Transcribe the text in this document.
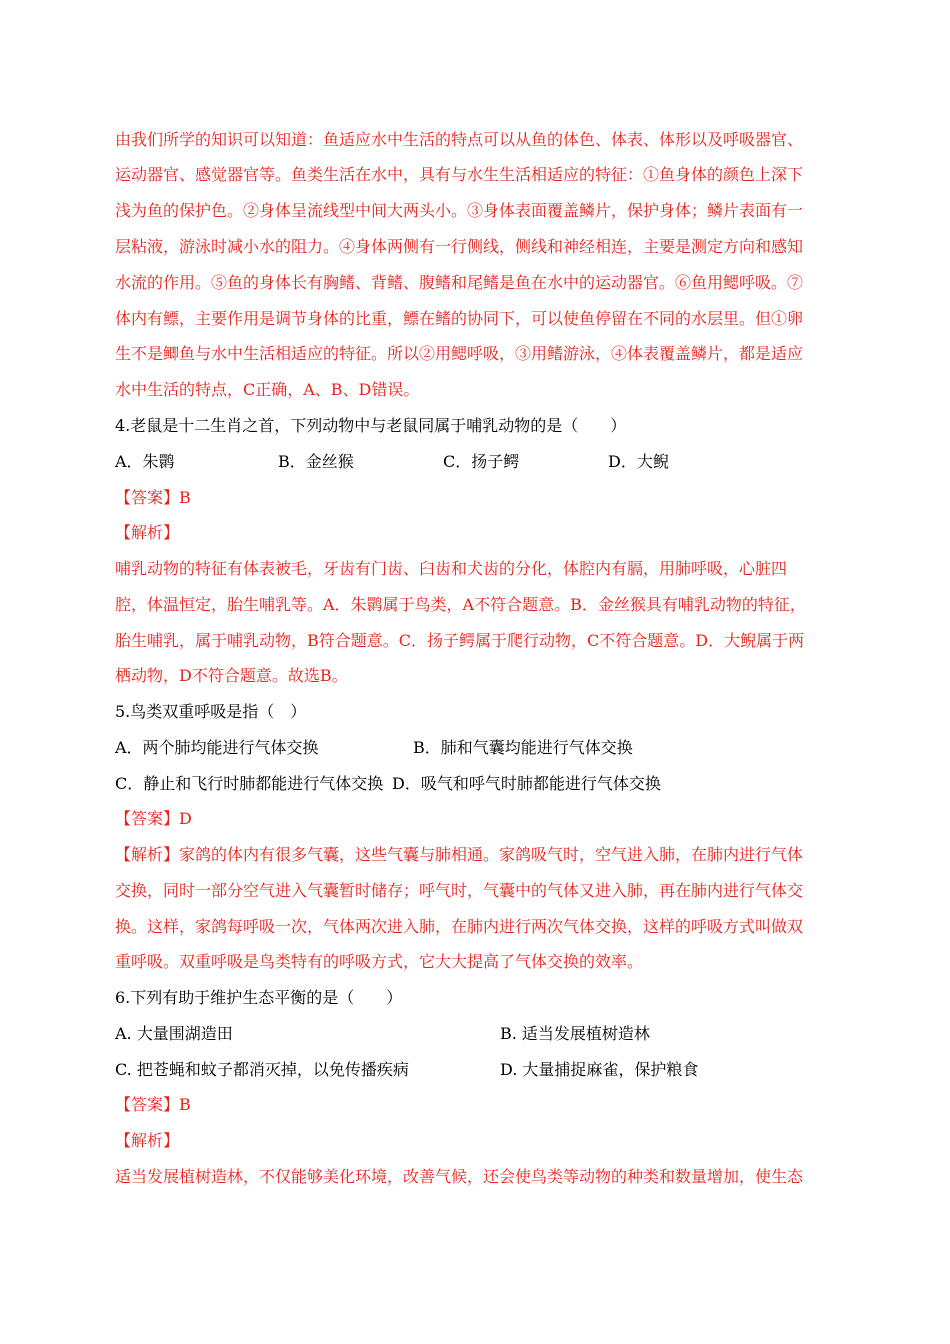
由我们所学的知识可以知道：鱼适应水中生活的特点可以从鱼的体色、体表、体形以及呼吸器官、
运动器官、感觉器官等。鱼类生活在水中，具有与水生生活相适应的特征：①鱼身体的颜色上深下
浅为鱼的保护色。②身体呈流线型中间大两头小。③身体表面覆盖鳞片，保护身体；鳞片表面有一
层粘液，游泳时减小水的阻力。④身体两侧有一行侧线，侧线和神经相连，主要是测定方向和感知
水流的作用。⑤鱼的身体长有胸鳍、背鳍、腹鳍和尾鳍是鱼在水中的运动器官。⑥鱼用鳃呼吸。⑦
体内有鳔，主要作用是调节身体的比重，鳔在鳍的协同下，可以使鱼停留在不同的水层里。但①卵
生不是鲫鱼与水中生活相适应的特征。所以②用鳃呼吸，③用鳍游泳，④体表覆盖鳞片，都是适应
水中生活的特点，C正确，A、B、D错误。
4.老鼠是十二生肖之首，下列动物中与老鼠同属于哺乳动物的是（　　）
A．朱鹮	B．金丝猴	C．扬子鳄	D．大鲵
【答案】B
【解析】
哺乳动物的特征有体表被毛，牙齿有门齿、臼齿和犬齿的分化，体腔内有膈，用肺呼吸，心脏四
腔，体温恒定，胎生哺乳等。A．朱鹮属于鸟类，A不符合题意。B．金丝猴具有哺乳动物的特征，
胎生哺乳，属于哺乳动物，B符合题意。C．扬子鳄属于爬行动物，C不符合题意。D．大鲵属于两
栖动物，D不符合题意。故选B。
5.鸟类双重呼吸是指（　）
A．两个肺均能进行气体交换	B．肺和气囊均能进行气体交换
C．静止和飞行时肺都能进行气体交换 D．吸气和呼气时肺都能进行气体交换
【答案】D
【解析】家鸽的体内有很多气囊，这些气囊与肺相通。家鸽吸气时，空气进入肺，在肺内进行气体
交换，同时一部分空气进入气囊暂时储存；呼气时，气囊中的气体又进入肺，再在肺内进行气体交
换。这样，家鸽每呼吸一次，气体两次进入肺，在肺内进行两次气体交换，这样的呼吸方式叫做双
重呼吸。双重呼吸是鸟类特有的呼吸方式，它大大提高了气体交换的效率。
6.下列有助于维护生态平衡的是（　　）
A. 大量围湖造田	B. 适当发展植树造林
C. 把苍蝇和蚊子都消灭掉，以免传播疾病	D. 大量捕捉麻雀，保护粮食
【答案】B
【解析】
适当发展植树造林，不仅能够美化环境，改善气候，还会使鸟类等动物的种类和数量增加，使生态
